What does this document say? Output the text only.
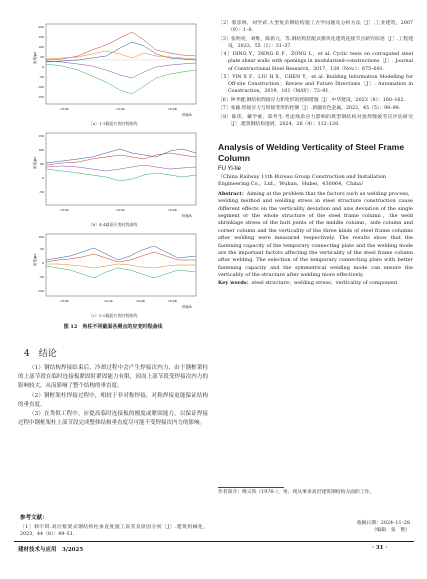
应变/με
200
150
100
50
0
-50
-100
-150
18:00	14:24	16:48
时间/h
（a）1-1截面应变时程曲线
应变/με
150
100
50
0
-50
18:00	14:24	16:48
时间/h
（b）4-4截面应变时程曲线
应变/με
100
50
0
-50
-100
18:00	14:24	14:48	16:48
时间/h
（c）5-2截面应变时程曲线
图 12　角柱不同截面各测点的应变时程曲线
4　结论

（1）钢结构焊接结束后，冷却过程中会产生焊接次内力，由于钢框架柱的上部节段在临时连接板紧固时紧固能力有限，因而上部节段受焊接次内力的影响较大，从而影响了整个结构的垂直度。

（2）钢框架柱焊接过程中，相较于非对称焊接，对称焊接更能保证结构的垂直度。

（3）在类似工程中，应提高临时连接板的刚度或紧固能力，以保证焊接过程中钢框架柱上部节段完成整体结构垂直度尽可能不受焊接次内力的影响。

参考文献：
［1］韩宇琪.高层框架式钢结构柱垂直度施工误差及原因分析［J］.建筑机械化，2023，44（8）：49–51.

［2］郭彦林，刘学武.大型复杂钢结构施工力学问题及分析方法［J］.工业建筑，2007（9）：1–8.

［3］张明亮，刘维，陈新元，等.钢结构装配式模块化建筑连接节点研究综述［J］.工程建设，2023，55（1）：31–37.

［4］DING Y，DENG E F，ZONG L，et al. Cyclic tests on corrugated steel plate shear walls with openings in modularized-constructions［J］. Journal of Constructional Steel Research，2017，138（Nov.）：675–691.

［5］YIN X F，LIU H X，CHEN Y，et al. Building Information Modelling for Off-site Construction：Review and Future Directions［J］. Automation in Construction，2019，101（MAY）：72–91.

［6］钟齐健.钢结构焊接应力和变形的控制措施［J］.中华建设，2023（8）：160–162.

［7］张颖.焊接应力与焊接变形的控制［J］.新疆有色金属，2022，45（5）：98–99.

［8］陈伟，戴学豪，郑寿生.考虑残余应力影响的典型钢结构对接焊缝疲劳应评估研究［J］.建筑钢结构进展，2024，26（4）：112–120.

Analysis of Welding Verticality of Steel Frame Column
FU Yi-tie
（China Railway 11th Bureau Group Construction and Installation Engineering Co.，Ltd.，Wuhan，Hubei，430064，China）

Abstract：Aiming at the problem that the factors such as welding process，welding method and welding stress in steel structure construction cause different effects on the verticality deviation and axis deviation of the single segment or the whole structure of the steel frame column，the weld shrinkage stress of the butt joints of the middle column，side column and corner column and the verticality of the three kinds of steel frame columns after welding were measured respectively. The results show that the fastening capacity of the temporary connecting plate and the welding mode are the important factors affecting the verticality of the steel frame column after welding. The selection of the temporary connecting plate with better fastening capacity and the symmetrical welding mode can ensure the verticality of the structure after welding more effectively.

Key words：steel structure；welding stress；verticality of component

作者简介：傅义铁（1976–），男，现从事多高层建筑钢结构方面的工作。
收稿日期：2024–11–28
（编辑　张　艳）
建材技术与应用　3/2025	· 31 ·
